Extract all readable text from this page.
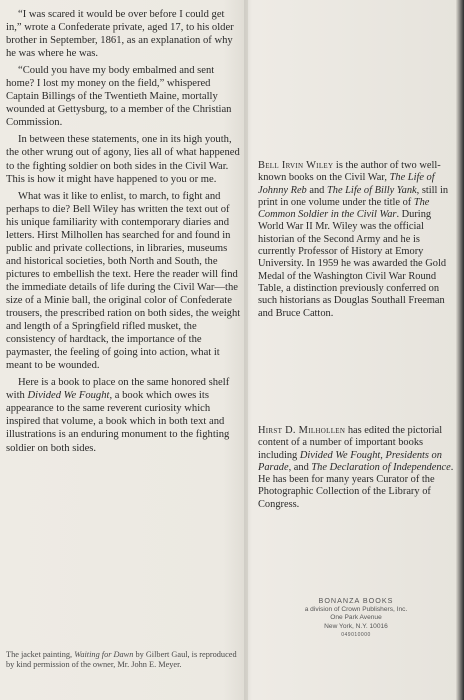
“I was scared it would be over before I could get in,” wrote a Confederate private, aged 17, to his older brother in September, 1861, as an explanation of why he was where he was.

“Could you have my body embalmed and sent home? I lost my money on the field,” whispered Captain Billings of the Twentieth Maine, mortally wounded at Gettysburg, to a member of the Christian Commission.

In between these statements, one in its high youth, the other wrung out of agony, lies all of what happened to the fighting soldier on both sides in the Civil War. This is how it might have happened to you or me.

What was it like to enlist, to march, to fight and perhaps to die? Bell Wiley has written the text out of his unique familiarity with contemporary diaries and letters. Hirst Milhollen has searched for and found in public and private collections, in libraries, museums and historical societies, both North and South, the pictures to embellish the text. Here the reader will find the immediate details of life during the Civil War—the size of a Minie ball, the original color of Confederate trousers, the prescribed ration on both sides, the weight and length of a Springfield rifled musket, the consistency of hardtack, the importance of the paymaster, the feeling of going into action, what it meant to be wounded.

Here is a book to place on the same honored shelf with Divided We Fought, a book which owes its appearance to the same reverent curiosity which inspired that volume, a book which in both text and illustrations is an enduring monument to the fighting soldier on both sides.

The jacket painting, Waiting for Dawn by Gilbert Gaul, is reproduced by kind permission of the owner, Mr. John E. Meyer.

Bell Irvin Wiley is the author of two well-known books on the Civil War, The Life of Johnny Reb and The Life of Billy Yank, still in print in one volume under the title of The Common Soldier in the Civil War. During World War II Mr. Wiley was the official historian of the Second Army and he is currently Professor of History at Emory University. In 1959 he was awarded the Gold Medal of the Washington Civil War Round Table, a distinction previously conferred on such historians as Douglas Southall Freeman and Bruce Catton.

Hirst D. Milhollen has edited the pictorial content of a number of important books including Divided We Fought, Presidents on Parade, and The Declaration of Independence. He has been for many years Curator of the Photographic Collection of the Library of Congress.

BONANZA BOOKS
a division of Crown Publishers, Inc.
One Park Avenue
New York, N.Y. 10016
049010000
